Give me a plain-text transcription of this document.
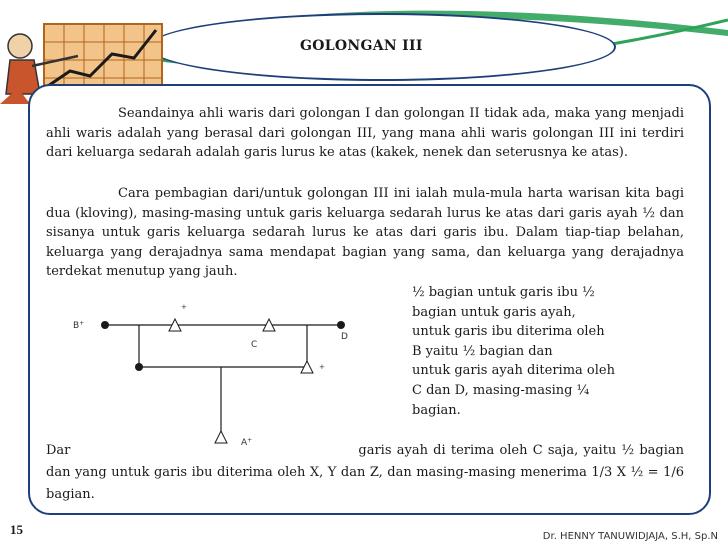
GOLONGAN III

Seandainya ahli waris dari golongan I dan golongan II tidak ada, maka yang menjadi ahli waris adalah yang berasal dari golongan III, yang mana ahli waris golongan III ini terdiri dari keluarga sedarah adalah garis lurus ke atas (kakek, nenek dan seterusnya ke atas).

Cara pembagian dari/untuk golongan III ini ialah mula-mula harta warisan kita bagi dua (kloving), masing-masing untuk garis keluarga sedarah lurus ke atas dari garis ayah ½ dan sisanya untuk garis keluarga sedarah lurus ke atas dari garis ibu. Dalam tiap-tiap belahan, keluarga yang derajadnya sama mendapat bagian yang sama, dan keluarga yang derajadnya terdekat menutup yang jauh.

½ bagian untuk garis ibu ½
bagian untuk garis ayah,
untuk garis ibu diterima oleh
B yaitu ½ bagian dan
untuk garis ayah diterima oleh
C dan D, masing-masing ¼
bagian.

B+
+
C
D
+
A+

Dar	garis ayah di terima oleh C saja, yaitu ½ bagian dan yang untuk garis ibu diterima oleh X, Y dan Z, dan masing-masing menerima 1/3 X ½ = 1/6 bagian.

15	Dr. HENNY TANUWIDJAJA, S.H, Sp.N
